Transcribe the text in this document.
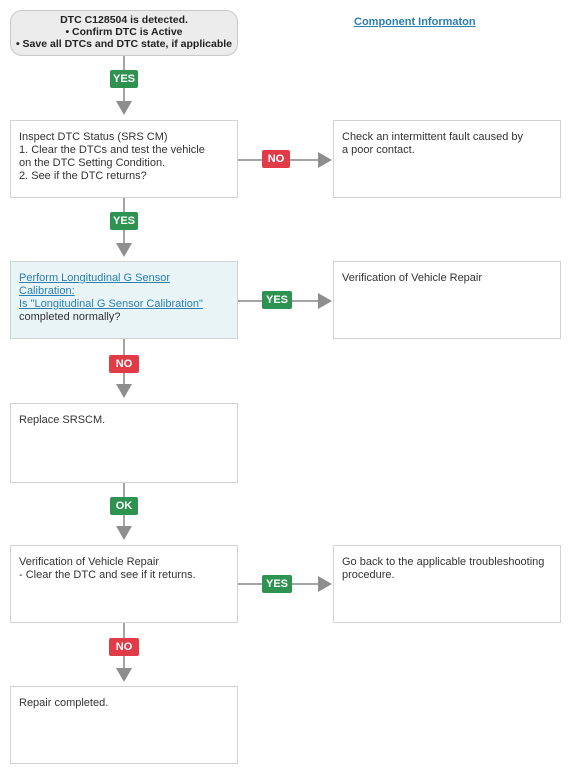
DTC C128504 is detected.
• Confirm DTC is Active
• Save all DTCs and DTC state, if applicable
Component Informaton
YES
Inspect DTC Status (SRS CM)
1. Clear the DTCs and test the vehicle
on the DTC Setting Condition.
2. See if the DTC returns?
NO
Check an intermittent fault caused by
a poor contact.
YES
Perform Longitudinal G Sensor
Calibration:
Is "Longitudinal G Sensor Calibration"
completed normally?
YES
Verification of Vehicle Repair
NO
Replace SRSCM.
OK
Verification of Vehicle Repair
- Clear the DTC and see if it returns.
YES
Go back to the applicable troubleshooting
procedure.
NO
Repair completed.
